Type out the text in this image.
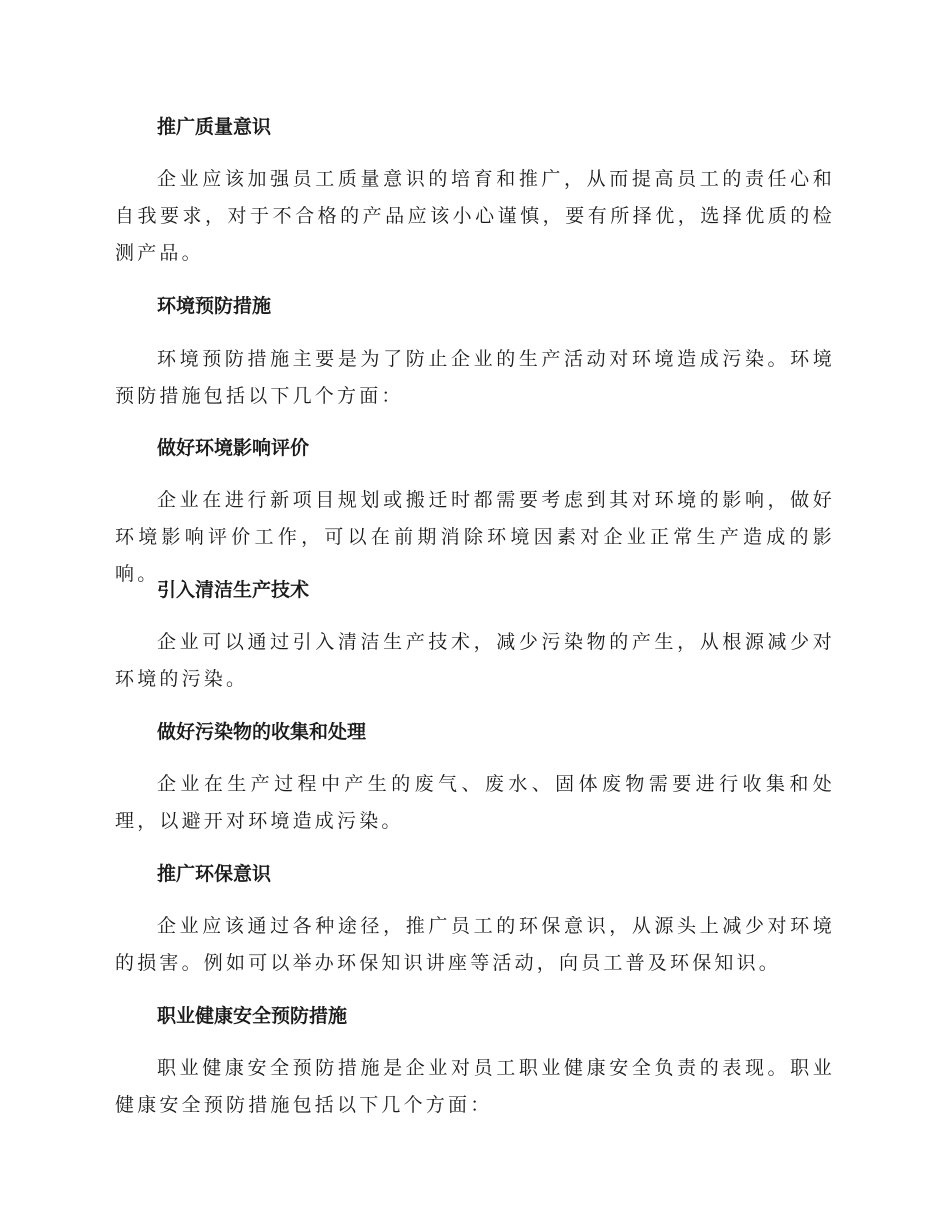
推广质量意识

企业应该加强员工质量意识的培育和推广，从而提高员工的责任心和自我要求，对于不合格的产品应该小心谨慎，要有所择优，选择优质的检测产品。

环境预防措施

环境预防措施主要是为了防止企业的生产活动对环境造成污染。环境预防措施包括以下几个方面：

做好环境影响评价

企业在进行新项目规划或搬迁时都需要考虑到其对环境的影响，做好环境影响评价工作，可以在前期消除环境因素对企业正常生产造成的影响。

引入清洁生产技术

企业可以通过引入清洁生产技术，减少污染物的产生，从根源减少对环境的污染。

做好污染物的收集和处理

企业在生产过程中产生的废气、废水、固体废物需要进行收集和处理，以避开对环境造成污染。

推广环保意识

企业应该通过各种途径，推广员工的环保意识，从源头上减少对环境的损害。例如可以举办环保知识讲座等活动，向员工普及环保知识。

职业健康安全预防措施

职业健康安全预防措施是企业对员工职业健康安全负责的表现。职业健康安全预防措施包括以下几个方面：
